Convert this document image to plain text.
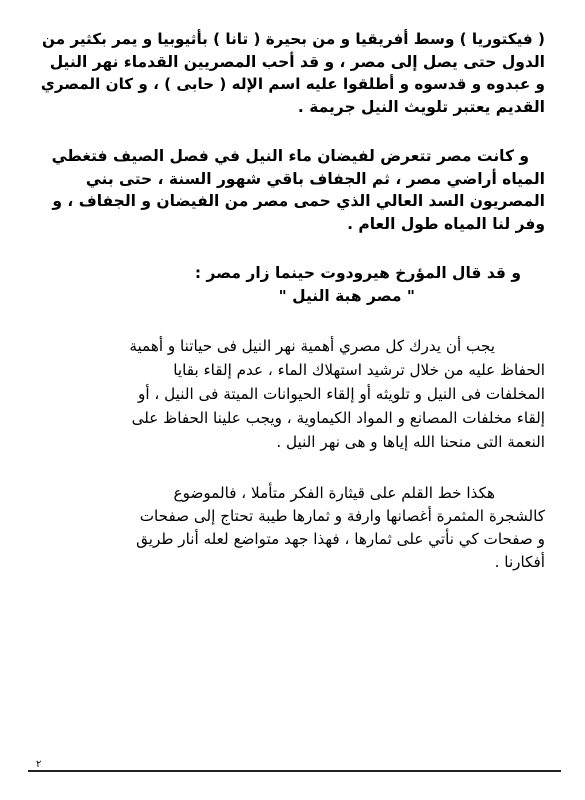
( فيكتوريا ) وسط أفريقيا و من بحيرة ( تانا ) بأثيوبيا و يمر بكثير من
الدول حتى يصل إلى مصر ، و قد أحب المصريين القدماء نهر النيل
و عبدوه و قدسوه و أطلقوا عليه اسم الإله ( حابى ) ، و كان المصري
القديم يعتبر تلويث النيل جريمة .

و كانت مصر تتعرض لفيضان ماء النيل في فصل الصيف فتغطي
المياه أراضي مصر ، ثم الجفاف باقي شهور السنة ، حتى بني
المصريون السد العالي الذي حمى مصر من الفيضان و الجفاف ، و
وفر لنا المياه طول العام .

و قد قال المؤرخ هيرودوت حينما زار مصر :
" مصر هبة النيل "

يجب أن يدرك كل مصري أهمية نهر النيل فى حياتنا و أهمية
الحفاظ عليه من خلال ترشيد استهلاك الماء ، عدم إلقاء بقايا
المخلفات فى النيل و تلويثه أو إلقاء الحيوانات الميتة فى النيل ، أو
إلقاء مخلفات المصانع و المواد الكيماوية ، ويجب علينا الحفاظ على
النعمة التى منحنا الله إياها و هى نهر النيل .

هكذا خط القلم على قيثارة الفكر متأملا ، فالموضوع
كالشجرة المثمرة أغصانها وارفة و ثمارها طيبة تحتاج إلى صفحات
و صفحات كي نأتي على ثمارها ، فهذا جهد متواضع لعله أنار طريق
أفكارنا .

٢
